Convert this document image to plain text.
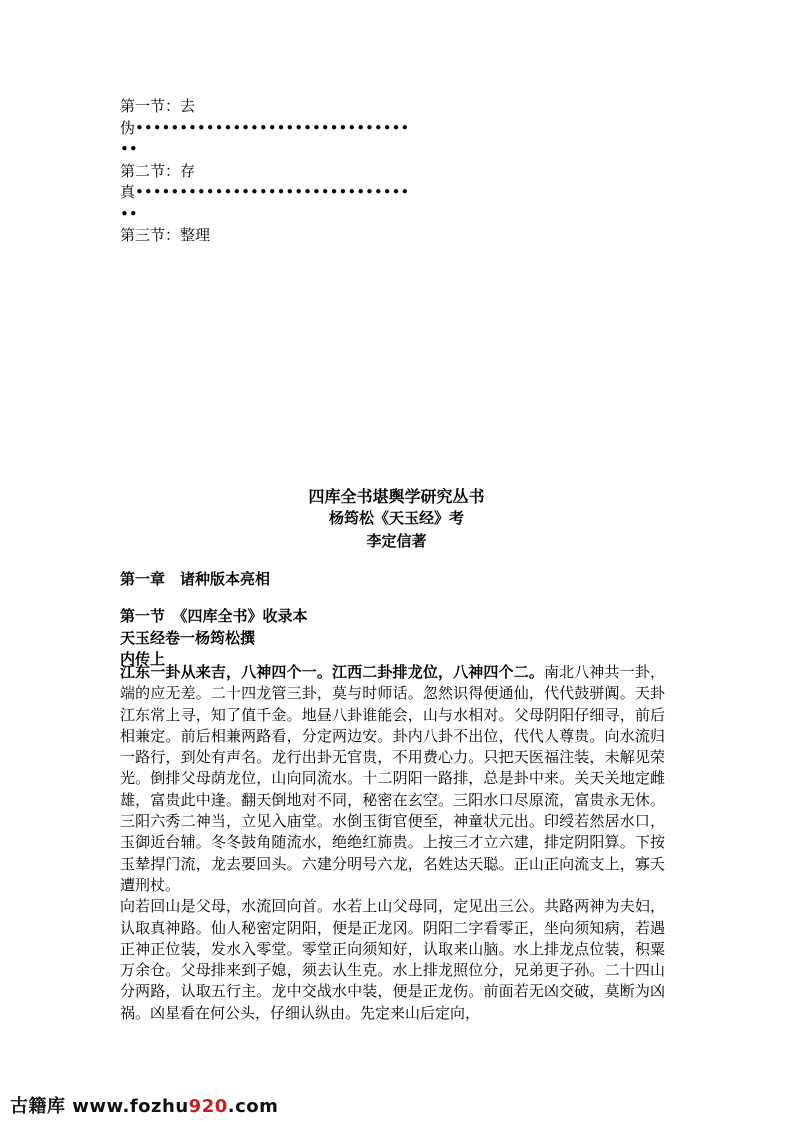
第一节：去
伪•••••••••••••••••••••••••••••••
••
第二节：存
真•••••••••••••••••••••••••••••••
••
第三节：整理
四库全书堪舆学研究丛书
杨筠松《天玉经》考
李定信著
第一章　诸种版本亮相
第一节　《四库全书》收录本
天玉经卷一杨筠松撰
内传上

江东一卦从来吉，八神四个一。江西二卦排龙位，八神四个二。南北八神共一卦，端的应无差。二十四龙管三卦，莫与时师话。忽然识得便通仙，代代鼓骈阗。天卦江东常上寻，知了值千金。地昼八卦谁能会，山与水相对。父母阴阳仔细寻，前后相兼定。前后相兼两路看，分定两边安。卦内八卦不出位，代代人尊贵。向水流归一路行，到处有声名。龙行出卦无官贵，不用费心力。只把天医福注装，未解见荣光。倒排父母荫龙位，山向同流水。十二阴阳一路排，总是卦中来。关天关地定雌雄，富贵此中逢。翻天倒地对不同，秘密在玄空。三阳水口尽原流，富贵永无休。三阳六秀二神当，立见入庙堂。水倒玉街官便至，神童状元出。印绶若然居水口，玉御近台辅。冬冬鼓角随流水，绝绝红旆贵。上按三才立六建，排定阴阳算。下按玉辇捍门流，龙去要回头。六建分明号六龙，名姓达天聪。正山正向流支上，寡夭遭刑杖。

向若回山是父母，水流回向首。水若上山父母同，定见出三公。共路两神为夫妇，认取真神路。仙人秘密定阴阳，便是正龙冈。阴阳二字看零正，坐向须知病，若遇正神正位装，发水入零堂。零堂正向须知好，认取来山脑。水上排龙点位装，积粟万余仓。父母排来到子媳，须去认生克。水上排龙照位分，兄弟更子孙。二十四山分两路，认取五行主。龙中交战水中装，便是正龙伤。前面若无凶交破，莫断为凶祸。凶星看在何公头，仔细认纵由。先定来山后定向，

古籍库 www.fozhu920.com
